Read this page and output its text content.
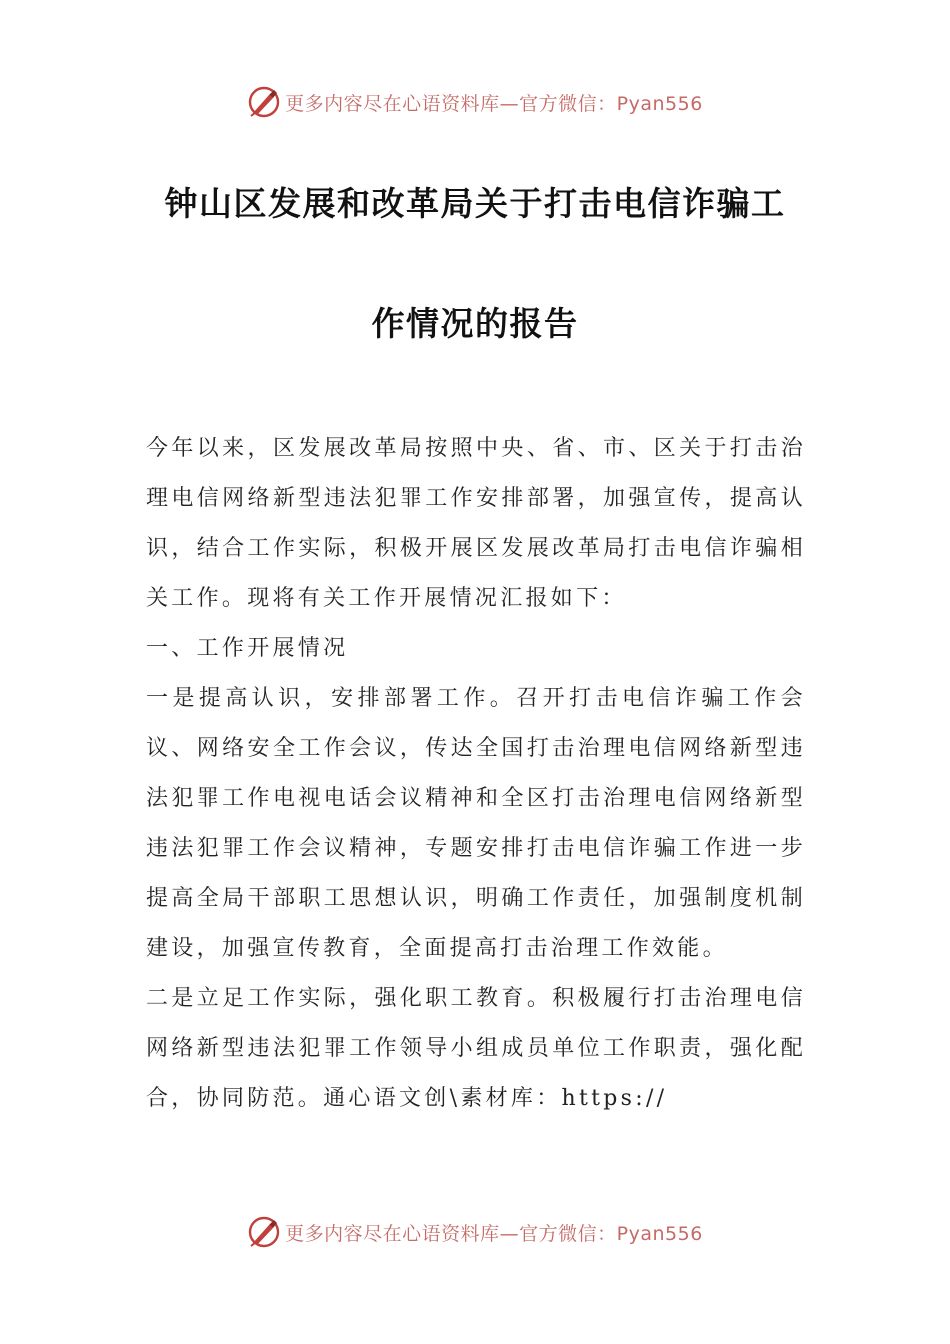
更多内容尽在心语资料库—官方微信：Pyan556
钟山区发展和改革局关于打击电信诈骗工
作情况的报告

今年以来，区发展改革局按照中央、省、市、区关于打击治理电信网络新型违法犯罪工作安排部署，加强宣传，提高认识，结合工作实际，积极开展区发展改革局打击电信诈骗相关工作。现将有关工作开展情况汇报如下：

一、工作开展情况

一是提高认识，安排部署工作。召开打击电信诈骗工作会议、网络安全工作会议，传达全国打击治理电信网络新型违法犯罪工作电视电话会议精神和全区打击治理电信网络新型违法犯罪工作会议精神，专题安排打击电信诈骗工作进一步提高全局干部职工思想认识，明确工作责任，加强制度机制建设，加强宣传教育，全面提高打击治理工作效能。

二是立足工作实际，强化职工教育。积极履行打击治理电信网络新型违法犯罪工作领导小组成员单位工作职责，强化配合，协同防范。通心语文创\素材库：https://

更多内容尽在心语资料库—官方微信：Pyan556
